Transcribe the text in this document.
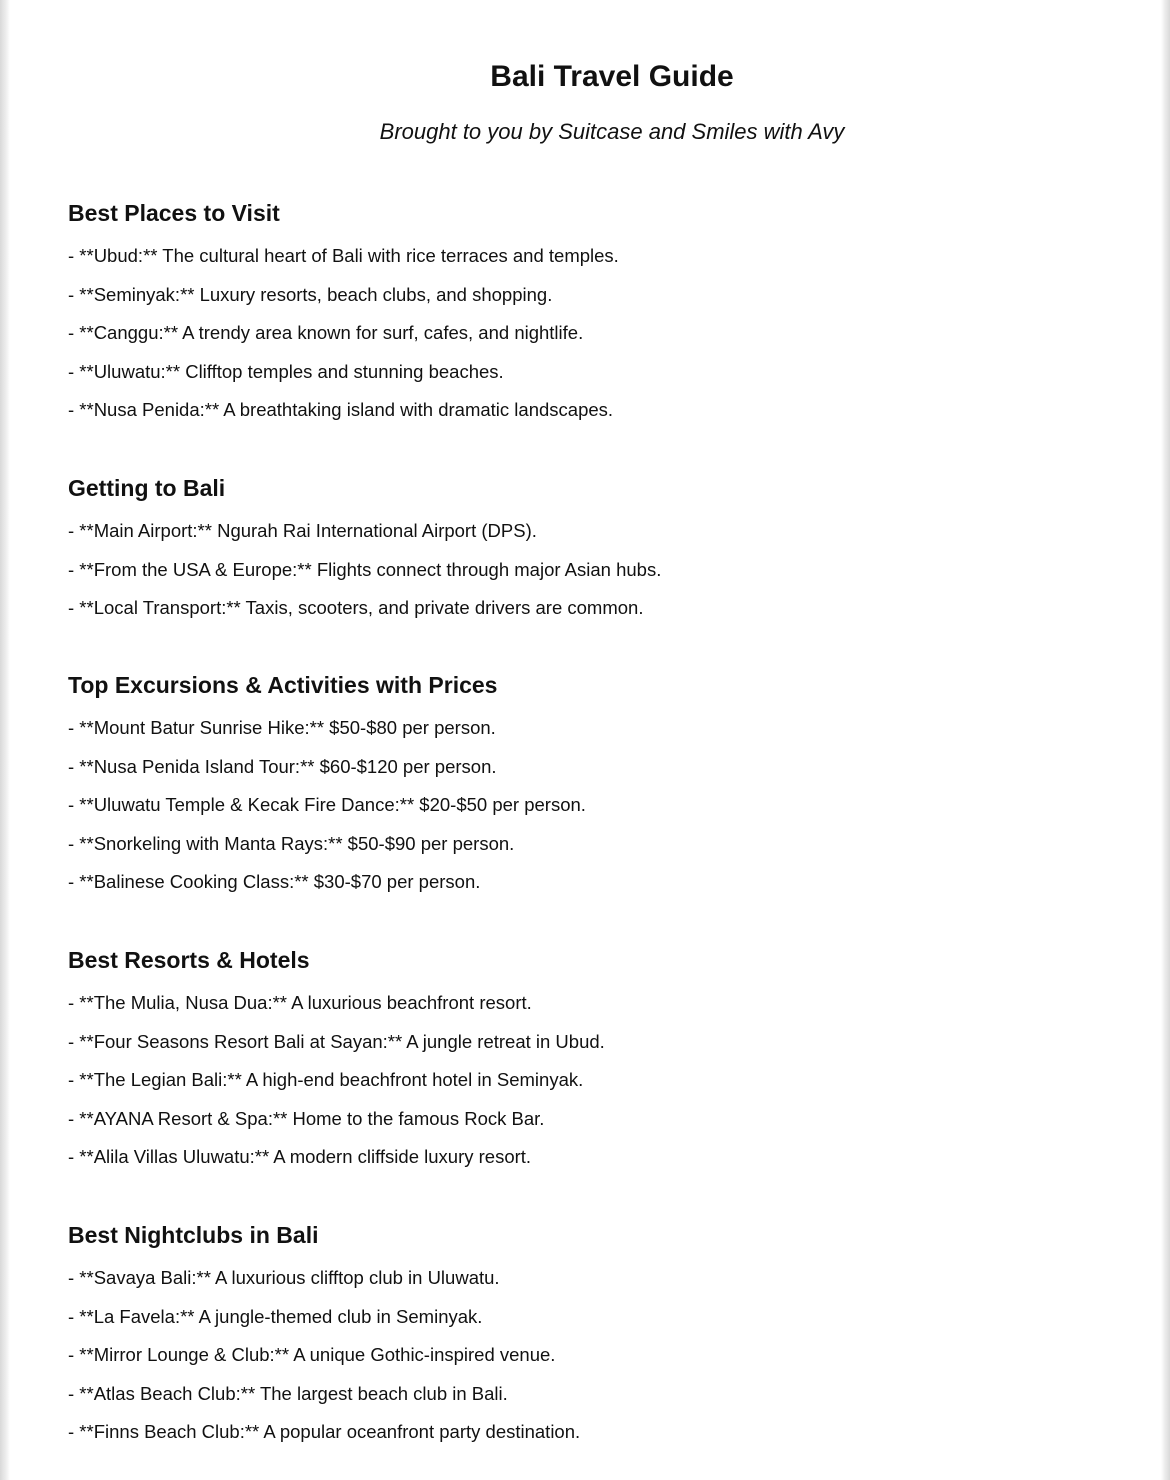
Bali Travel Guide

Brought to you by Suitcase and Smiles with Avy

Best Places to Visit
- **Ubud:** The cultural heart of Bali with rice terraces and temples.
- **Seminyak:** Luxury resorts, beach clubs, and shopping.
- **Canggu:** A trendy area known for surf, cafes, and nightlife.
- **Uluwatu:** Clifftop temples and stunning beaches.
- **Nusa Penida:** A breathtaking island with dramatic landscapes.
Getting to Bali
- **Main Airport:** Ngurah Rai International Airport (DPS).
- **From the USA & Europe:** Flights connect through major Asian hubs.
- **Local Transport:** Taxis, scooters, and private drivers are common.
Top Excursions & Activities with Prices
- **Mount Batur Sunrise Hike:** $50-$80 per person.
- **Nusa Penida Island Tour:** $60-$120 per person.
- **Uluwatu Temple & Kecak Fire Dance:** $20-$50 per person.
- **Snorkeling with Manta Rays:** $50-$90 per person.
- **Balinese Cooking Class:** $30-$70 per person.
Best Resorts & Hotels
- **The Mulia, Nusa Dua:** A luxurious beachfront resort.
- **Four Seasons Resort Bali at Sayan:** A jungle retreat in Ubud.
- **The Legian Bali:** A high-end beachfront hotel in Seminyak.
- **AYANA Resort & Spa:** Home to the famous Rock Bar.
- **Alila Villas Uluwatu:** A modern cliffside luxury resort.
Best Nightclubs in Bali
- **Savaya Bali:** A luxurious clifftop club in Uluwatu.
- **La Favela:** A jungle-themed club in Seminyak.
- **Mirror Lounge & Club:** A unique Gothic-inspired venue.
- **Atlas Beach Club:** The largest beach club in Bali.
- **Finns Beach Club:** A popular oceanfront party destination.
